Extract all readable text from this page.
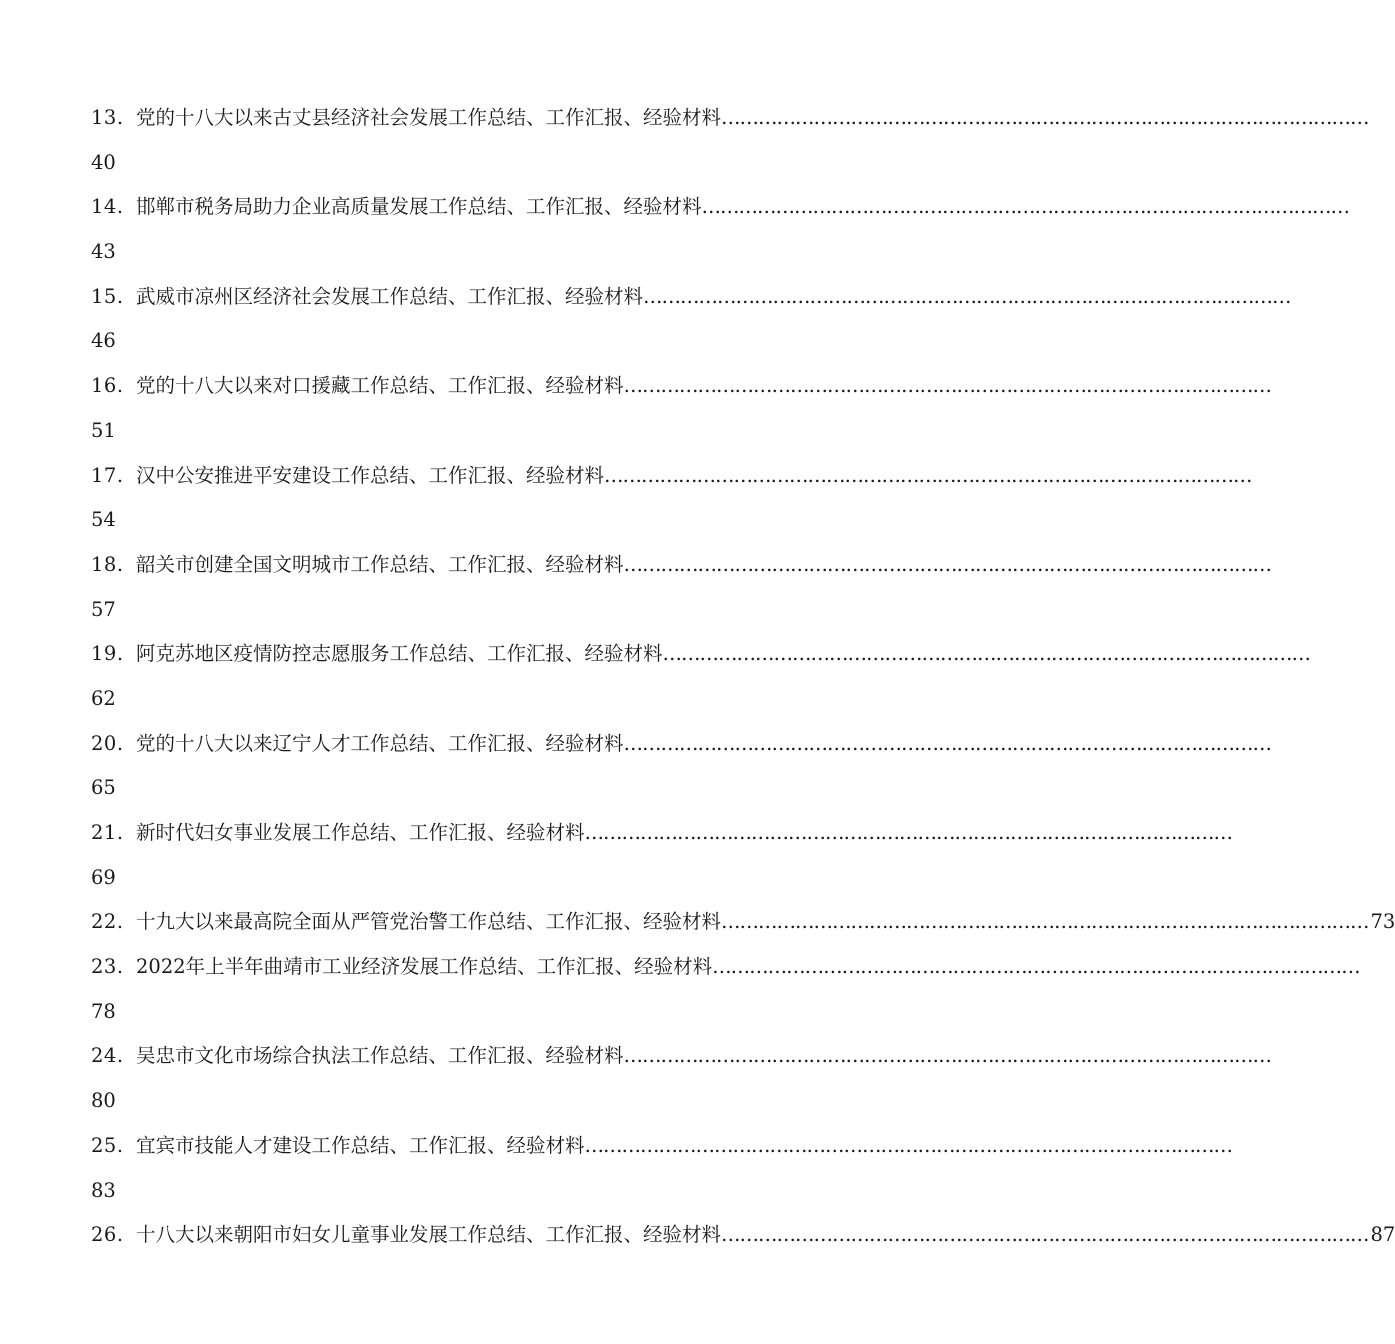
13. 党的十八大以来古丈县经济社会发展工作总结、工作汇报、经验材料 ……………………………………………………………………………………………
40
14. 邯郸市税务局助力企业高质量发展工作总结、工作汇报、经验材料 ……………………………………………………………………………………………
43
15. 武威市凉州区经济社会发展工作总结、工作汇报、经验材料 ……………………………………………………………………………………………
46
16. 党的十八大以来对口援藏工作总结、工作汇报、经验材料 ……………………………………………………………………………………………
51
17. 汉中公安推进平安建设工作总结、工作汇报、经验材料 ……………………………………………………………………………………………
54
18. 韶关市创建全国文明城市工作总结、工作汇报、经验材料 ……………………………………………………………………………………………
57
19. 阿克苏地区疫情防控志愿服务工作总结、工作汇报、经验材料 ……………………………………………………………………………………………
62
20. 党的十八大以来辽宁人才工作总结、工作汇报、经验材料 ……………………………………………………………………………………………
65
21. 新时代妇女事业发展工作总结、工作汇报、经验材料 ……………………………………………………………………………………………
69
22. 十九大以来最高院全面从严管党治警工作总结、工作汇报、经验材料 …………………………………………………………………………………………… 73
23. 2022年上半年曲靖市工业经济发展工作总结、工作汇报、经验材料 ……………………………………………………………………………………………
78
24. 吴忠市文化市场综合执法工作总结、工作汇报、经验材料 ……………………………………………………………………………………………
80
25. 宜宾市技能人才建设工作总结、工作汇报、经验材料 ……………………………………………………………………………………………
83
26. 十八大以来朝阳市妇女儿童事业发展工作总结、工作汇报、经验材料 …………………………………………………………………………………………… 87
